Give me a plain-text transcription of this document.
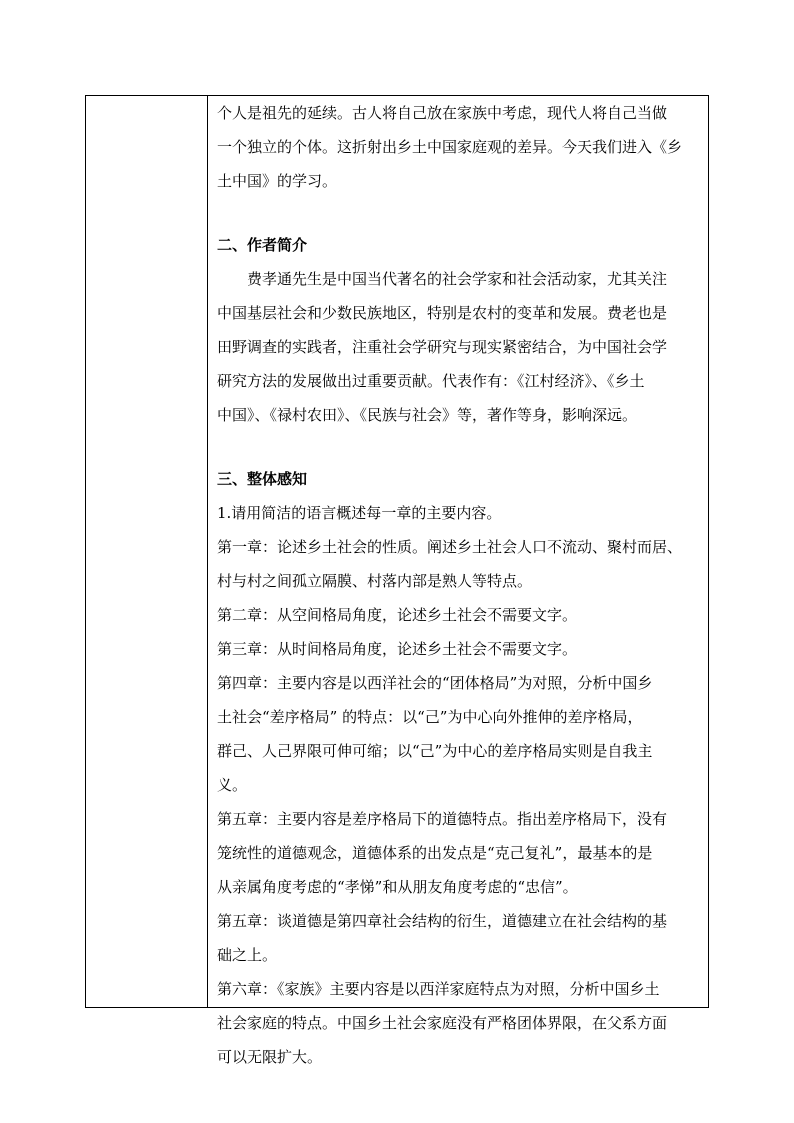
个人是祖先的延续。古人将自己放在家族中考虑，现代人将自己当做
一个独立的个体。这折射出乡土中国家庭观的差异。今天我们进入《乡
土中国》的学习。
二、作者简介
　　费孝通先生是中国当代著名的社会学家和社会活动家，尤其关注
中国基层社会和少数民族地区，特别是农村的变革和发展。费老也是
田野调查的实践者，注重社会学研究与现实紧密结合，为中国社会学
研究方法的发展做出过重要贡献。代表作有：《江村经济》、《乡土
中国》、《禄村农田》、《民族与社会》等，著作等身，影响深远。
三、整体感知
1.请用简洁的语言概述每一章的主要内容。
第一章：论述乡土社会的性质。阐述乡土社会人口不流动、聚村而居、
村与村之间孤立隔膜、村落内部是熟人等特点。
第二章：从空间格局角度，论述乡土社会不需要文字。
第三章：从时间格局角度，论述乡土社会不需要文字。
第四章：主要内容是以西洋社会的“团体格局”为对照，分析中国乡
土社会“差序格局” 的特点：以“己”为中心向外推伸的差序格局，
群己、人己界限可伸可缩；以“己”为中心的差序格局实则是自我主
义。
第五章：主要内容是差序格局下的道德特点。指出差序格局下，没有
笼统性的道德观念，道德体系的出发点是“克己复礼”，最基本的是
从亲属角度考虑的“孝悌”和从朋友角度考虑的“忠信”。
第五章：谈道德是第四章社会结构的衍生，道德建立在社会结构的基
础之上。
第六章：《家族》主要内容是以西洋家庭特点为对照，分析中国乡土
社会家庭的特点。中国乡土社会家庭没有严格团体界限，在父系方面
可以无限扩大。
